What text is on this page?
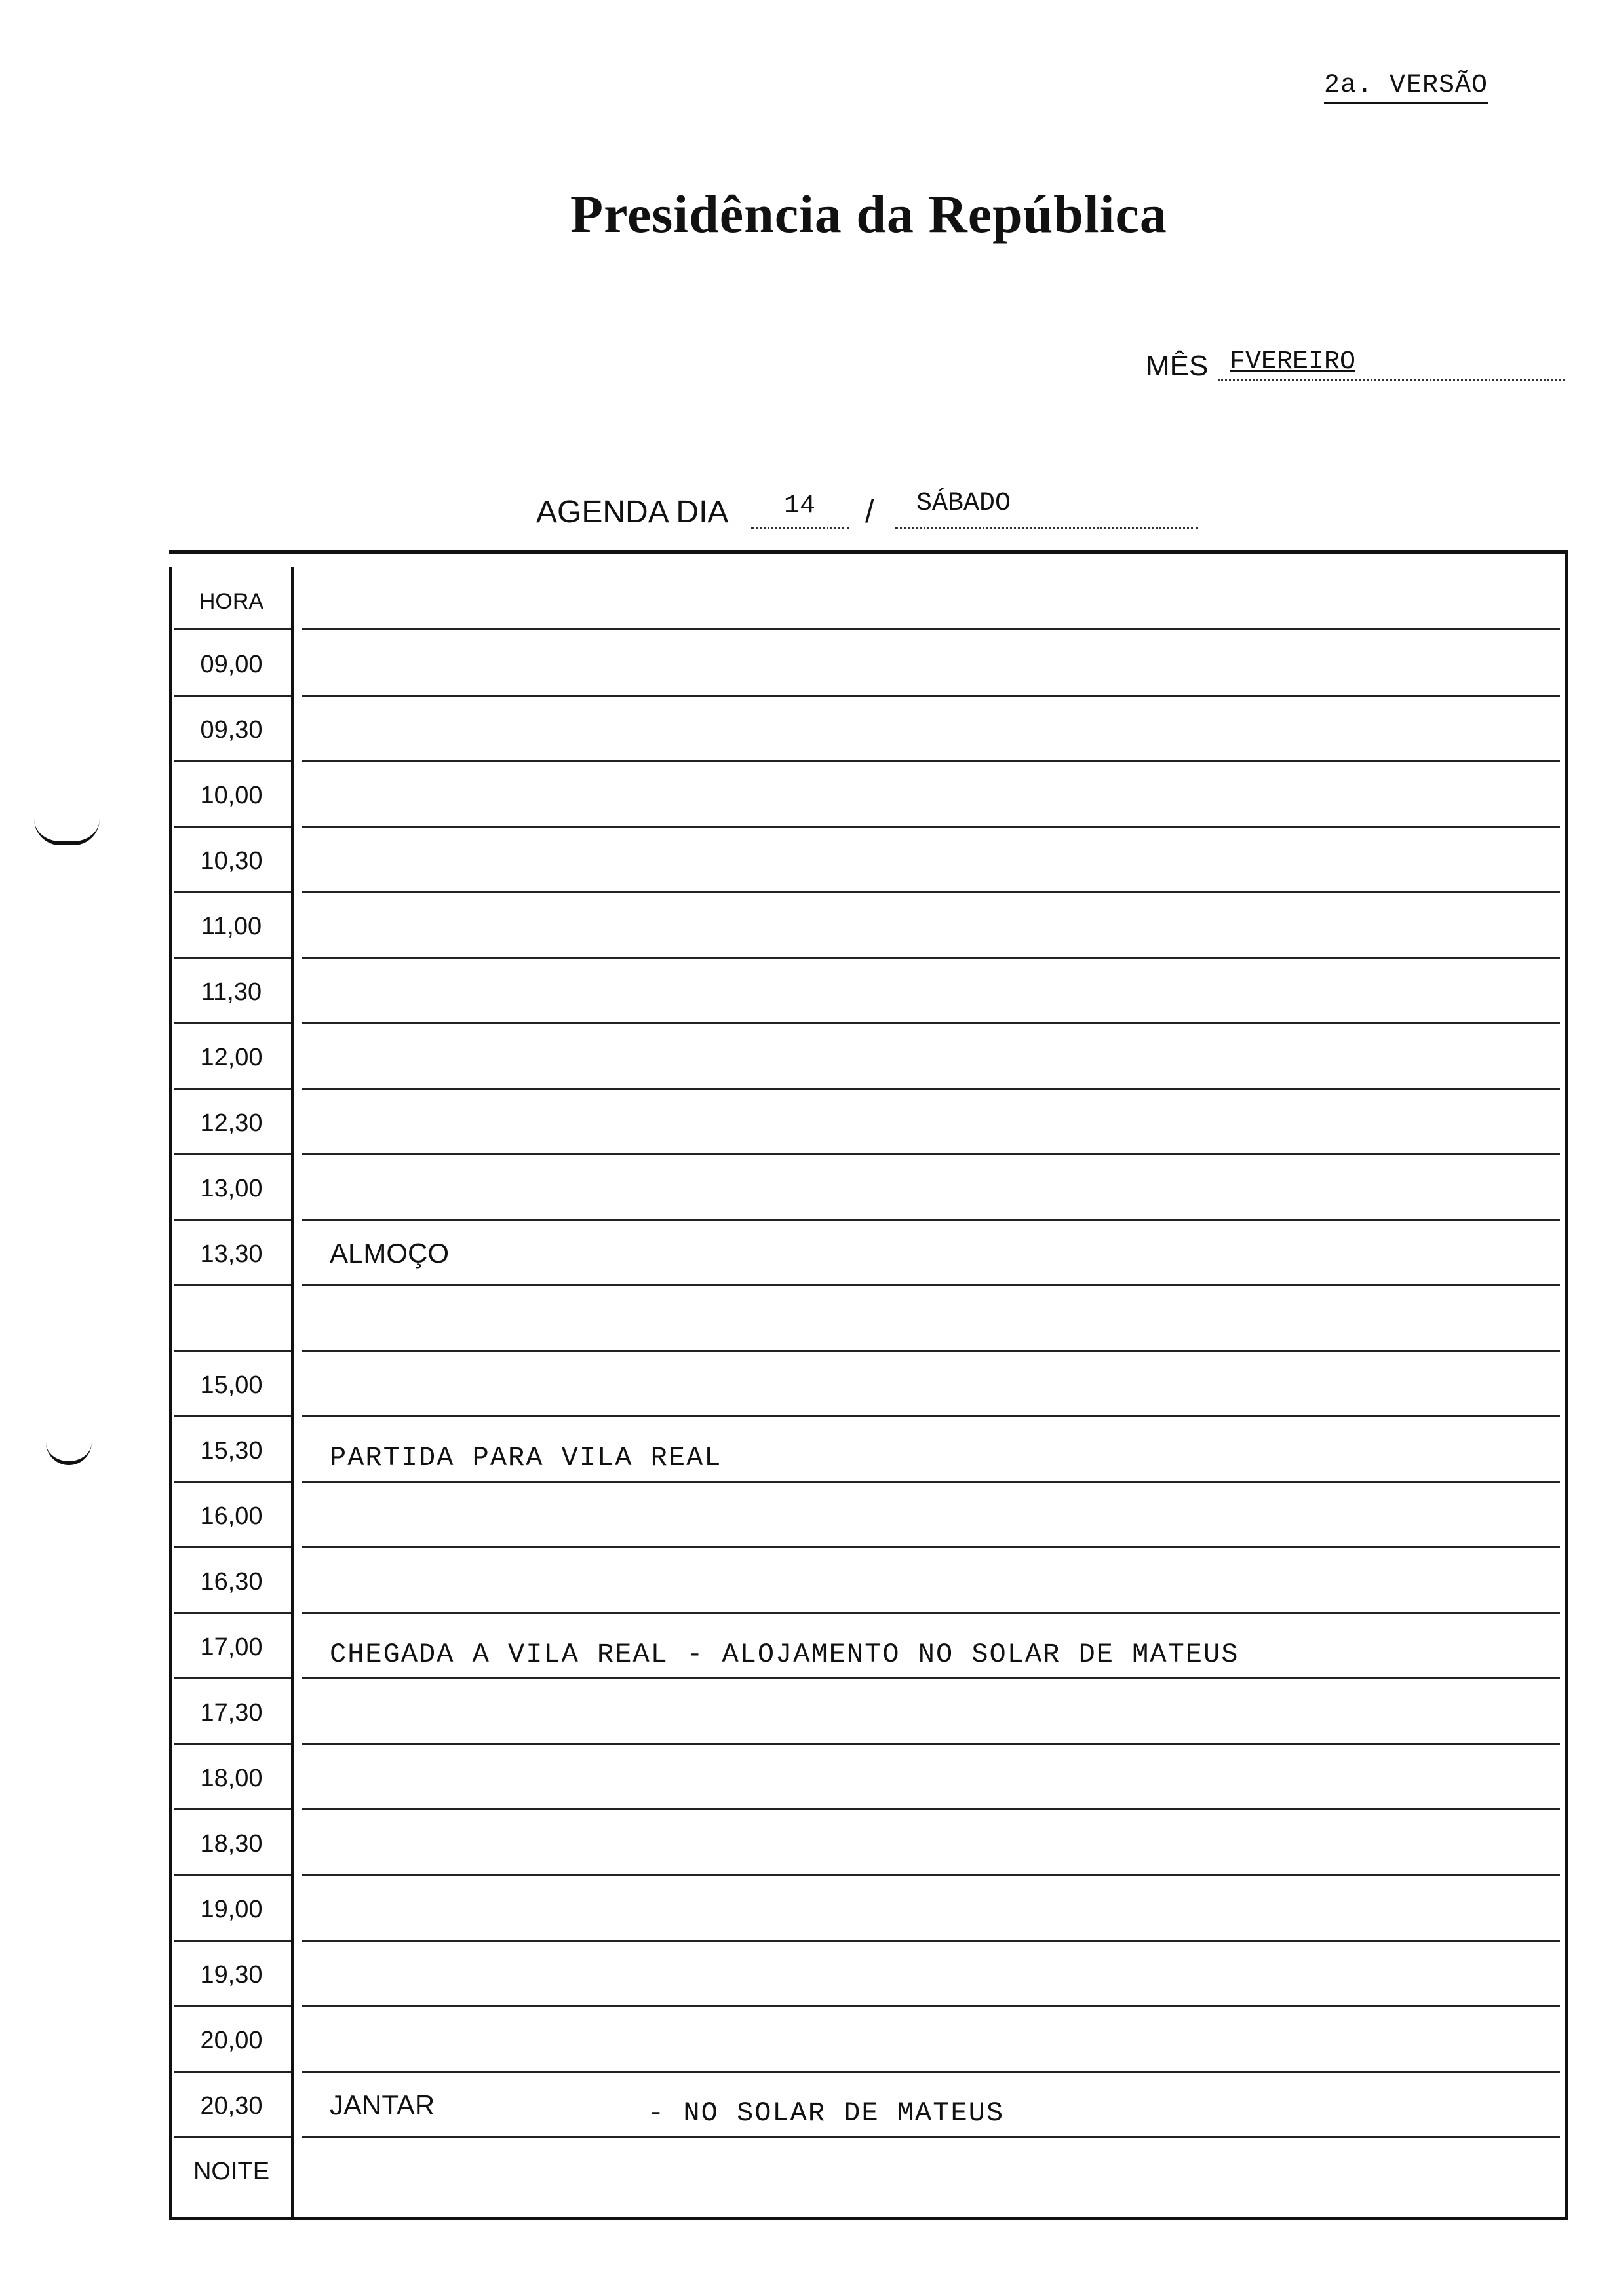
2a. VERSÃO
Presidência da República
MÊS FVEREIRO
AGENDA DIA 14 / SÁBADO
HORA
09,00
09,30
10,00
10,30
11,00
11,30
12,00
12,30
13,00
13,30	ALMOÇO
15,00
15,30	PARTIDA PARA VILA REAL
16,00
16,30
17,00	CHEGADA A VILA REAL - ALOJAMENTO NO SOLAR DE MATEUS
17,30
18,00
18,30
19,00
19,30
20,00
20,30	JANTAR	- NO SOLAR DE MATEUS
NOITE
